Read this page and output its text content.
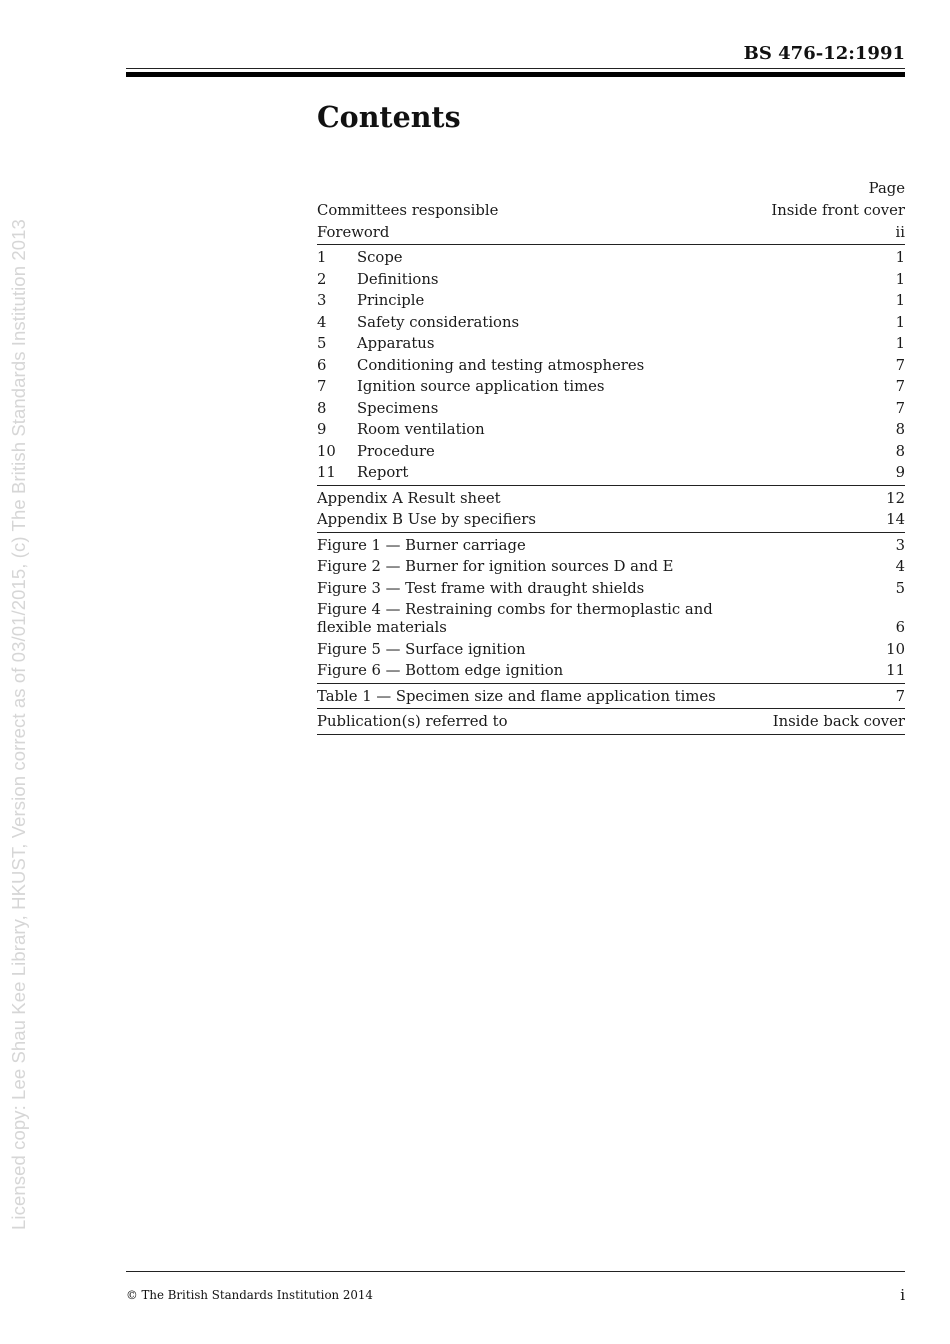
Licensed copy: Lee Shau Kee Library, HKUST, Version correct as of 03/01/2015, (c) The British Standards Institution 2013
BS 476-12:1991
Contents
Page
Committees responsible	Inside front cover
Foreword	ii
1 Scope	1
2 Definitions	1
3 Principle	1
4 Safety considerations	1
5 Apparatus	1
6 Conditioning and testing atmospheres	7
7 Ignition source application times	7
8 Specimens	7
9 Room ventilation	8
10 Procedure	8
11 Report	9
Appendix A Result sheet	12
Appendix B Use by specifiers	14
Figure 1 — Burner carriage	3
Figure 2 — Burner for ignition sources D and E	4
Figure 3 — Test frame with draught shields	5
Figure 4 — Restraining combs for thermoplastic and flexible materials	6
Figure 5 — Surface ignition	10
Figure 6 — Bottom edge ignition	11
Table 1 — Specimen size and flame application times	7
Publication(s) referred to	Inside back cover
© The British Standards Institution 2014	i
